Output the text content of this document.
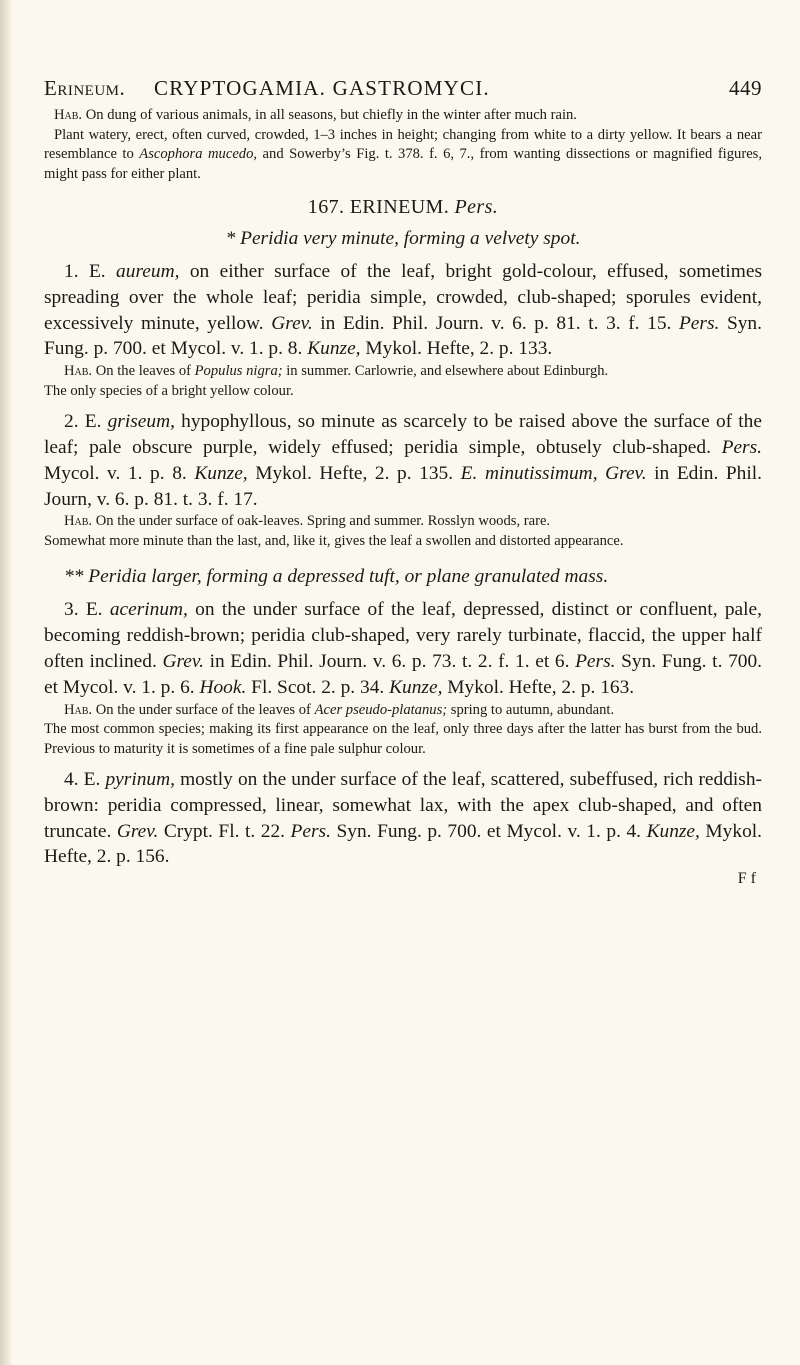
Erineum. CRYPTOGAMIA. GASTROMYCI.	449

Hab. On dung of various animals, in all seasons, but chiefly in the winter after much rain.

Plant watery, erect, often curved, crowded, 1–3 inches in height; changing from white to a dirty yellow. It bears a near resemblance to Ascophora mucedo, and Sowerby’s Fig. t. 378. f. 6, 7., from wanting dissections or magnified figures, might pass for either plant.

167. ERINEUM. Pers.

* Peridia very minute, forming a velvety spot.

1. E. aureum, on either surface of the leaf, bright gold-colour, effused, sometimes spreading over the whole leaf; peridia simple, crowded, club-shaped; sporules evident, excessively minute, yellow. Grev. in Edin. Phil. Journ. v. 6. p. 81. t. 3. f. 15. Pers. Syn. Fung. p. 700. et Mycol. v. 1. p. 8. Kunze, Mykol. Hefte, 2. p. 133.

Hab. On the leaves of Populus nigra; in summer. Carlowrie, and elsewhere about Edinburgh.

The only species of a bright yellow colour.

2. E. griseum, hypophyllous, so minute as scarcely to be raised above the surface of the leaf; pale obscure purple, widely effused; peridia simple, obtusely club-shaped. Pers. Mycol. v. 1. p. 8. Kunze, Mykol. Hefte, 2. p. 135. E. minutissimum, Grev. in Edin. Phil. Journ, v. 6. p. 81. t. 3. f. 17.

Hab. On the under surface of oak-leaves. Spring and summer. Rosslyn woods, rare.

Somewhat more minute than the last, and, like it, gives the leaf a swollen and distorted appearance.

** Peridia larger, forming a depressed tuft, or plane granulated mass.

3. E. acerinum, on the under surface of the leaf, depressed, distinct or confluent, pale, becoming reddish-brown; peridia club-shaped, very rarely turbinate, flaccid, the upper half often inclined. Grev. in Edin. Phil. Journ. v. 6. p. 73. t. 2. f. 1. et 6. Pers. Syn. Fung. t. 700. et Mycol. v. 1. p. 6. Hook. Fl. Scot. 2. p. 34. Kunze, Mykol. Hefte, 2. p. 163.

Hab. On the under surface of the leaves of Acer pseudo-platanus; spring to autumn, abundant.

The most common species; making its first appearance on the leaf, only three days after the latter has burst from the bud. Previous to maturity it is sometimes of a fine pale sulphur colour.

4. E. pyrinum, mostly on the under surface of the leaf, scattered, subeffused, rich reddish-brown: peridia compressed, linear, somewhat lax, with the apex club-shaped, and often truncate. Grev. Crypt. Fl. t. 22. Pers. Syn. Fung. p. 700. et Mycol. v. 1. p. 4. Kunze, Mykol. Hefte, 2. p. 156.

F f
